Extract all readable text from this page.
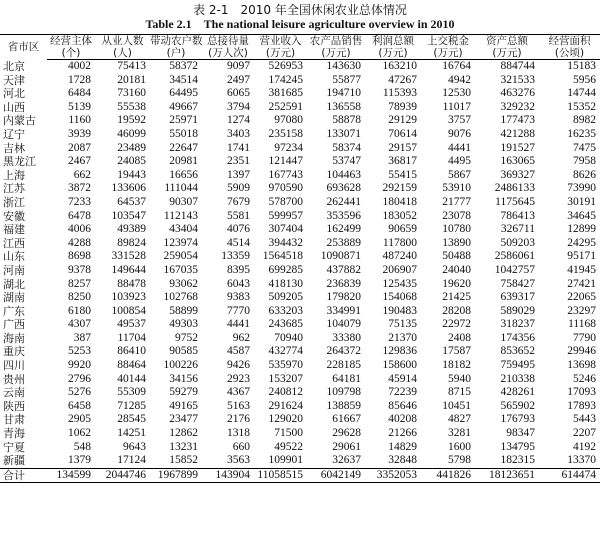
表 2-1　2010 年全国休闲农业总体情况
Table 2.1　The national leisure agriculture overview in 2010
省市区	经营主体	从业人数	带动农户数	总接待量	营业收入	农产品销售	利润总额	上交税金	资产总额	经营面积
	(个)	(人)	(户)	(万人次)	(万元)	(万元)	(万元)	(万元)	(万元)	(公顷)
北京	4002	75413	58372	9097	526953	143630	163210	16764	884744	15183
天津	1728	20181	34514	2497	174245	55877	47267	4942	321533	5956
河北	6484	73160	64495	6065	381685	194710	115393	12530	463276	14744
山西	5139	55538	49667	3794	252591	136558	78939	11017	329232	15352
内蒙古	1160	19592	25971	1274	97080	58878	29129	3757	177473	8982
辽宁	3939	46099	55018	3403	235158	133071	70614	9076	421288	16235
吉林	2087	23489	22647	1741	97234	58374	29157	4441	191527	7475
黑龙江	2467	24085	20981	2351	121447	53747	36817	4495	163065	7958
上海	662	19443	16656	1397	167743	104463	55415	5867	369327	8626
江苏	3872	133606	111044	5909	970590	693628	292159	53910	2486133	73990
浙江	7233	64537	90307	7679	578700	262441	180418	21777	1175645	30191
安徽	6478	103547	112143	5581	599957	353596	183052	23078	786413	34645
福建	4006	49389	43404	4076	307404	162499	90659	10780	326711	12899
江西	4288	89824	123974	4514	394432	253889	117800	13890	509203	24295
山东	8698	331528	259054	13359	1564518	1090871	487240	50488	2586061	95171
河南	9378	149644	167035	8395	699285	437882	206907	24040	1042757	41945
湖北	8257	88478	93062	6043	418130	236839	125435	19620	758427	27421
湖南	8250	103923	102768	9383	509205	179820	154068	21425	639317	22065
广东	6180	100854	58899	7770	633203	334991	190483	28208	589029	23297
广西	4307	49537	49303	4441	243685	104079	75135	22972	318237	11168
海南	387	11704	9752	962	70940	33380	21370	2408	174356	7790
重庆	5253	86410	90585	4587	432774	264372	129836	17587	853652	29946
四川	9920	88464	100226	9426	535970	228185	158600	18182	759495	13698
贵州	2796	40144	34156	2923	153207	64181	45914	5940	210338	5246
云南	5276	55309	59279	4367	240812	109798	72239	8715	428261	17093
陕西	6458	71285	49165	5163	291624	138859	85646	10451	565902	17893
甘肃	2905	28545	23477	2176	129020	61667	40208	4827	176793	5443
青海	1062	14251	12862	1318	71500	29628	21266	3281	98347	2207
宁夏	548	9643	13231	660	49522	29061	14829	1600	134795	4192
新疆	1379	17124	15852	3563	109901	32637	32848	5798	182315	13370
合计	134599	2044746	1967899	143904	11058515	6042149	3352053	441826	18123651	614474
